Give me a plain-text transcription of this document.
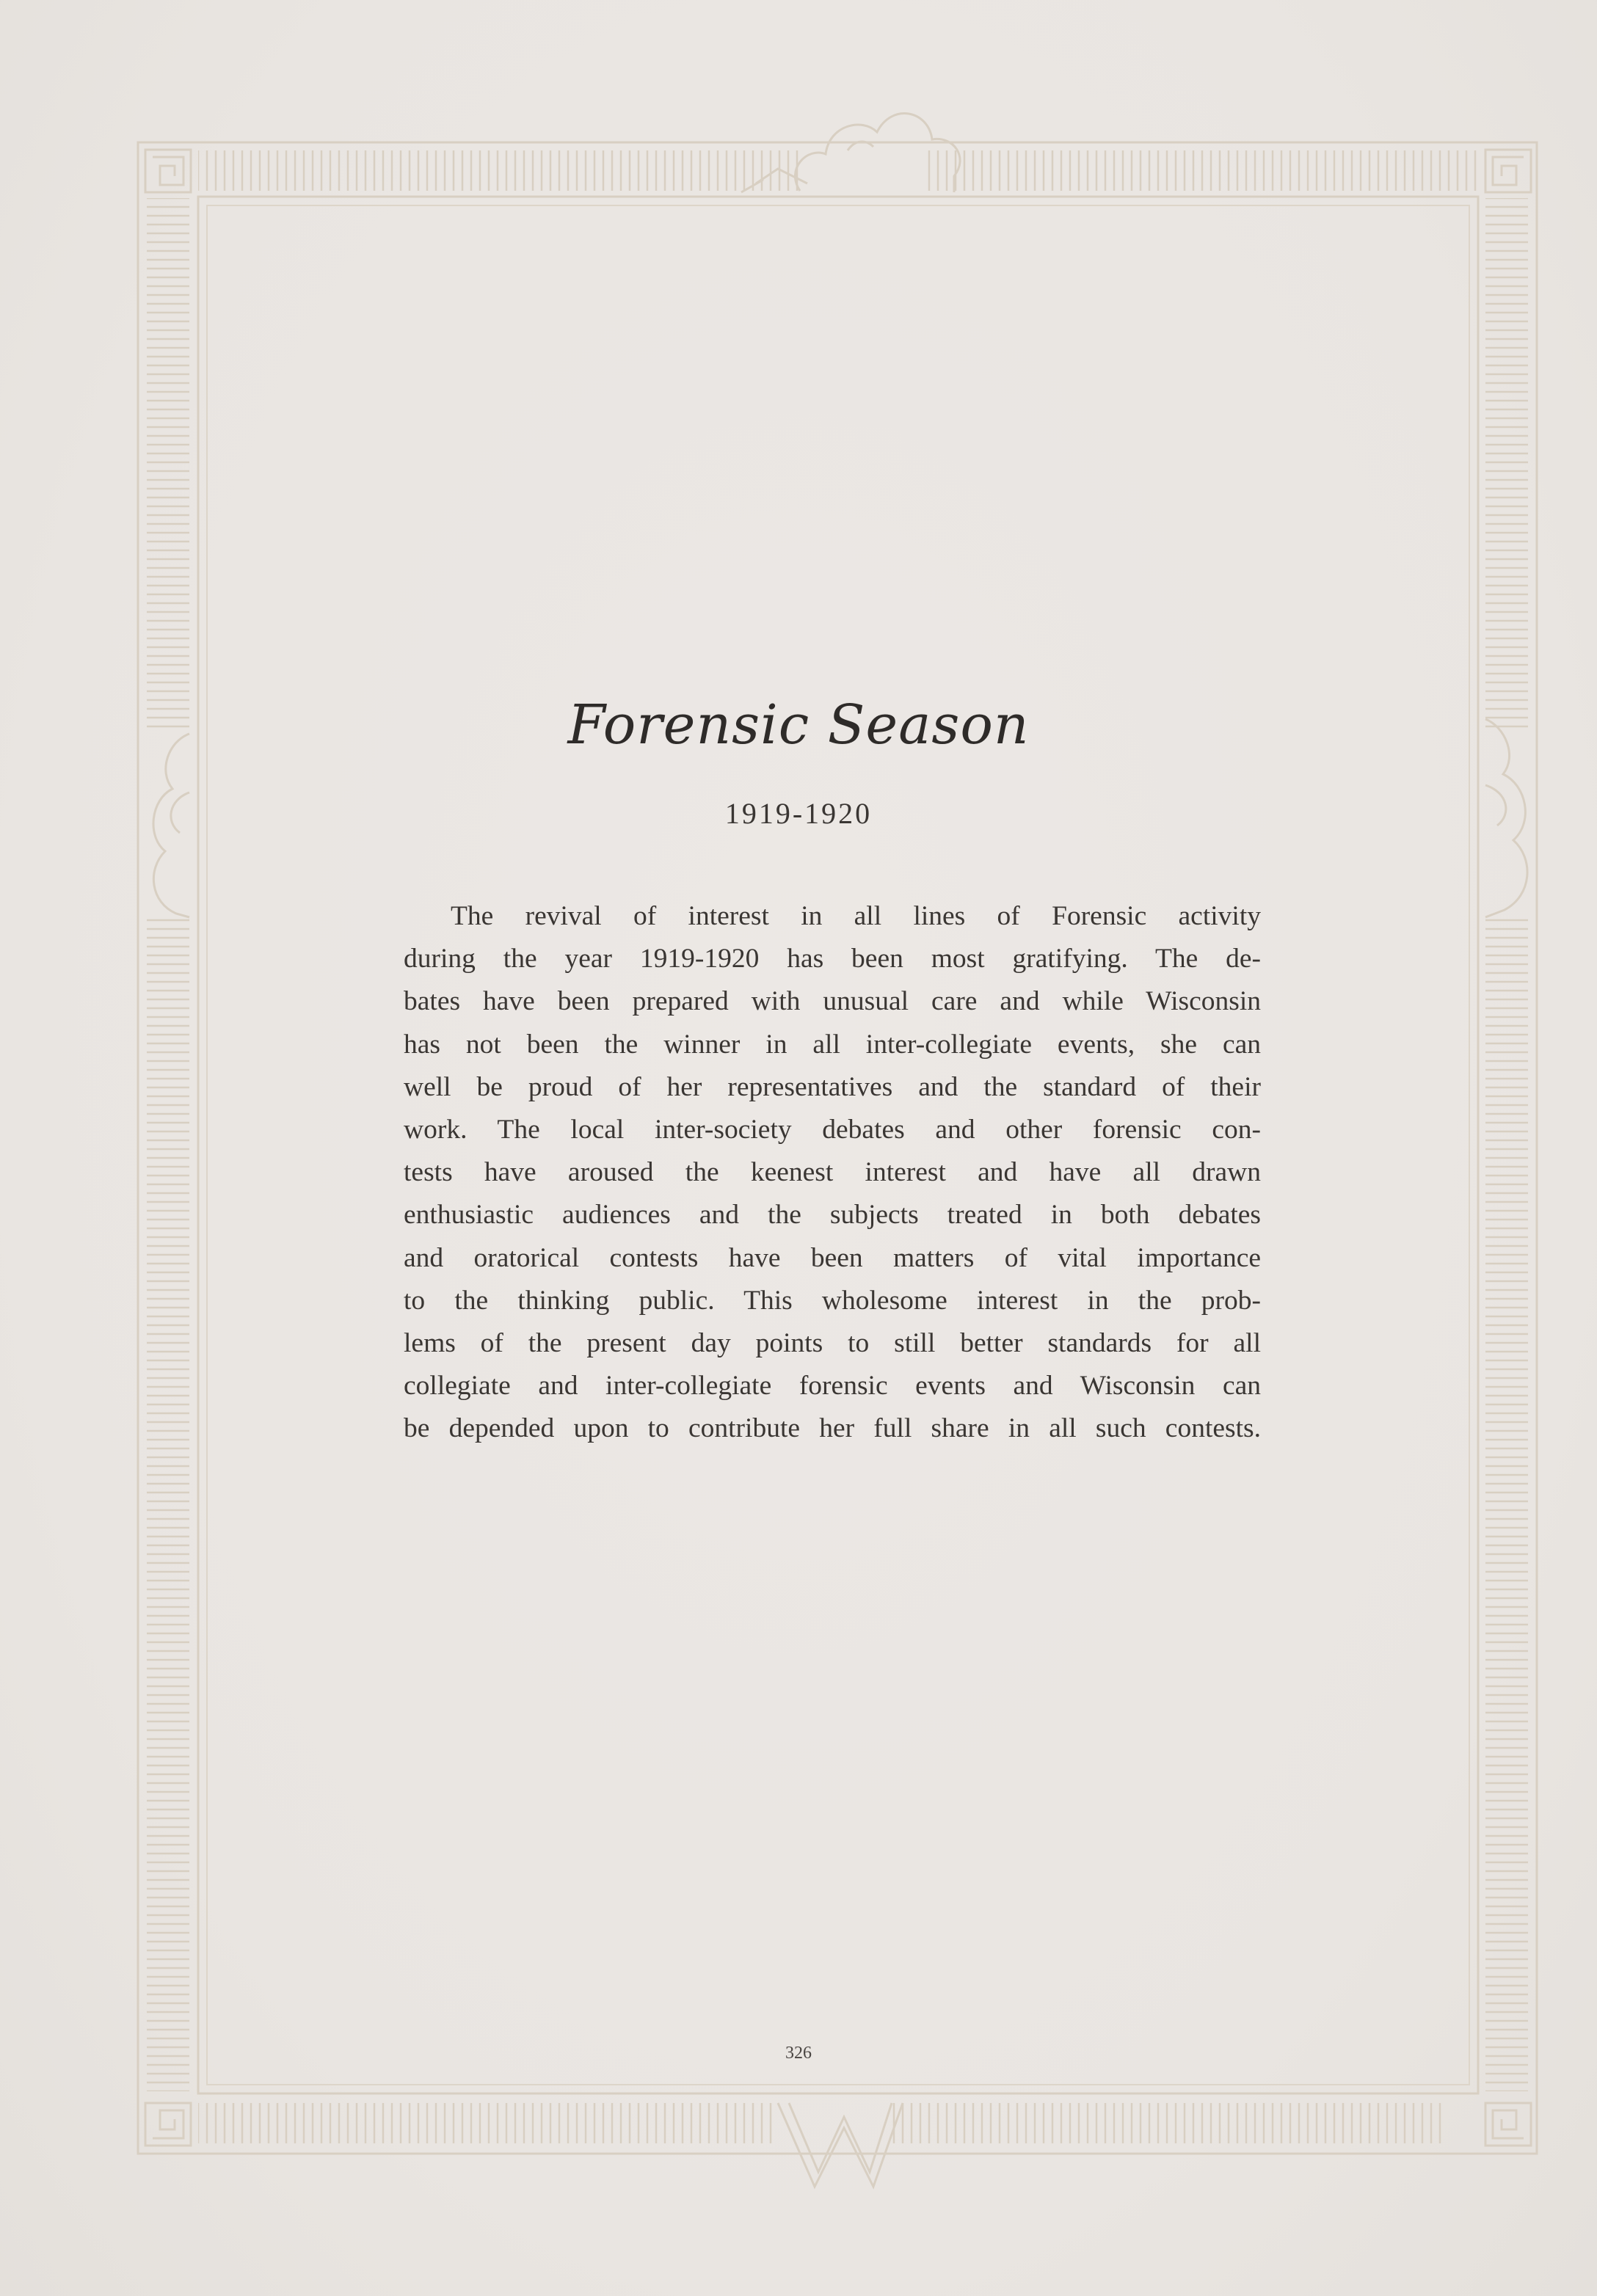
Forensic Season
1919-1920
The revival of interest in all lines of Forensic activity
during the year 1919-1920 has been most gratifying. The de-
bates have been prepared with unusual care and while Wisconsin
has not been the winner in all inter-collegiate events, she can
well be proud of her representatives and the standard of their
work. The local inter-society debates and other forensic con-
tests have aroused the keenest interest and have all drawn
enthusiastic audiences and the subjects treated in both debates
and oratorical contests have been matters of vital importance
to the thinking public. This wholesome interest in the prob-
lems of the present day points to still better standards for all
collegiate and inter-collegiate forensic events and Wisconsin can
be depended upon to contribute her full share in all such contests.
326
